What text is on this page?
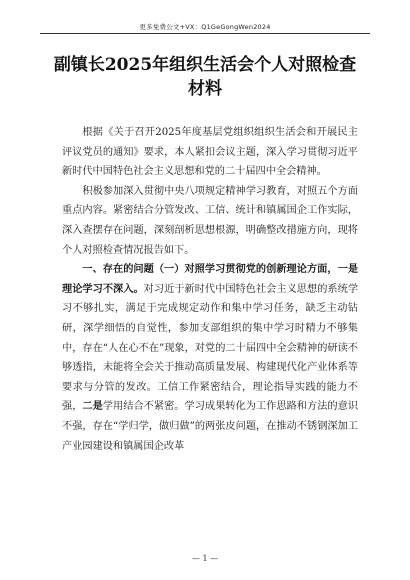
更多免费公文+VX：Q1GeGongWen2024
副镇长2025年组织生活会个人对照检查
材料

根据《关于召开2025年度基层党组织组织生活会和开展民主评议党员的通知》要求，本人紧扣会议主题，深入学习贯彻习近平新时代中国特色社会主义思想和党的二十届四中全会精神。

积极参加深入贯彻中央八项规定精神学习教育，对照五个方面重点内容。紧密结合分管发改、工信、统计和镇属国企工作实际，深入查摆存在问题，深刻剖析思想根源，明确整改措施方向，现将个人对照检查情况报告如下。

一、存在的问题（一）对照学习贯彻党的创新理论方面，一是理论学习不深入。对习近于新时代中国特色社会主义思想的系统学习不够扎实，满足于完成规定动作和集中学习任务，缺乏主动钻研，深学细悟的自觉性，参加支部组织的集中学习时精力不够集中，存在“人在心不在”现象，对党的二十届四中全会精神的研读不够透指，未能将全会关于推动高质量发展、构建现代化产业体系等要求与分管的发改。工信工作紧密结合，理论指导实践的能力不强，二是学用结合不紧密。学习成果转化为工作思路和方法的意识不强，存在“学归学，做归做”的两张皮问题，在推动不锈钢深加工产业园建设和镇属国企改革

— 1 —
